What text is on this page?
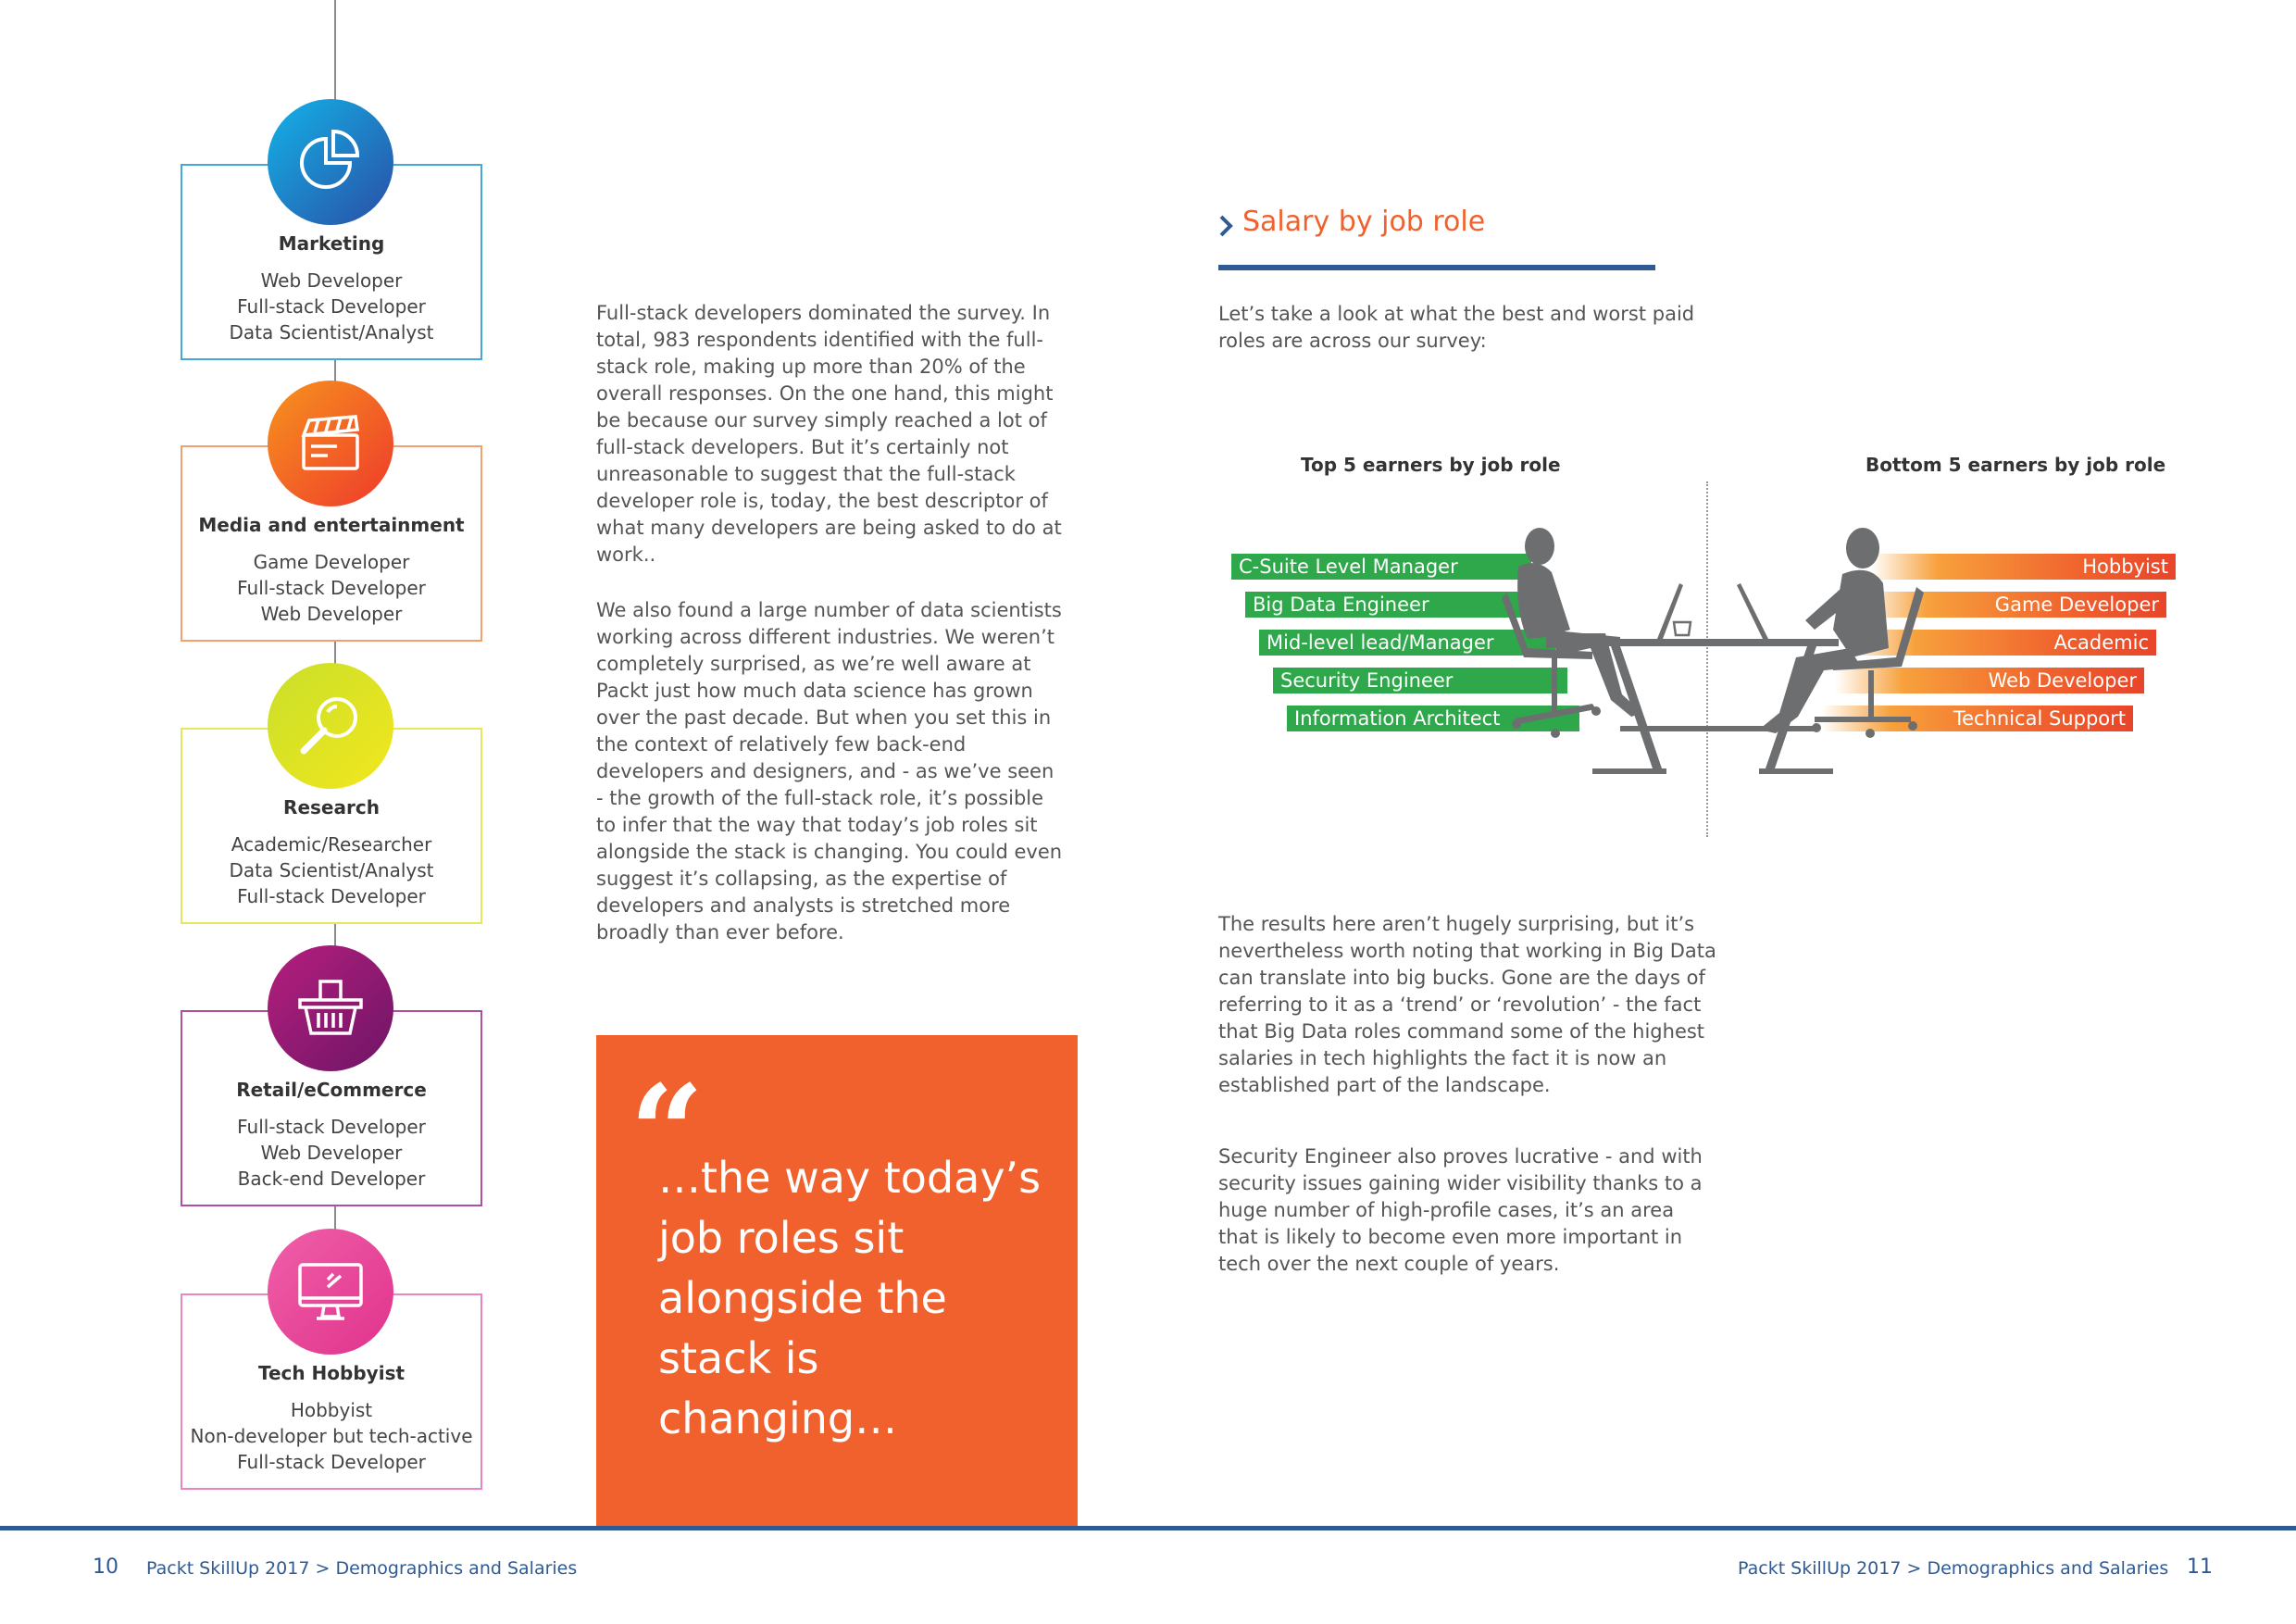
Marketing
Web Developer
Full-stack Developer
Data Scientist/Analyst
Media and entertainment
Game Developer
Full-stack Developer
Web Developer
Research
Academic/Researcher
Data Scientist/Analyst
Full-stack Developer
Retail/eCommerce
Full-stack Developer
Web Developer
Back-end Developer
Tech Hobbyist
Hobbyist
Non-developer but tech-active
Full-stack Developer
Full-stack developers dominated the survey. In total, 983 respondents identified with the full-stack role, making up more than 20% of the overall responses. On the one hand, this might be because our survey simply reached a lot of full-stack developers. But it’s certainly not unreasonable to suggest that the full-stack developer role is, today, the best descriptor of what many developers are being asked to do at work..
We also found a large number of data scientists working across different industries. We weren’t completely surprised, as we’re well aware at Packt just how much data science has grown over the past decade. But when you set this in the context of relatively few back-end developers and designers, and - as we’ve seen - the growth of the full-stack role, it’s possible to infer that the way that today’s job roles sit alongside the stack is changing. You could even suggest it’s collapsing, as the expertise of developers and analysts is stretched more broadly than ever before.
“
…the way today’s job roles sit alongside the stack is changing…
Salary by job role
Let’s take a look at what the best and worst paid roles are across our survey:
Top 5 earners by job role	Bottom 5 earners by job role
C-Suite Level Manager
Big Data Engineer
Mid-level lead/Manager
Security Engineer
Information Architect
Hobbyist
Game Developer
Academic
Web Developer
Technical Support
The results here aren’t hugely surprising, but it’s nevertheless worth noting that working in Big Data can translate into big bucks. Gone are the days of referring to it as a ‘trend’ or ‘revolution’ - the fact that Big Data roles command some of the highest salaries in tech highlights the fact it is now an established part of the landscape.
Security Engineer also proves lucrative - and with security issues gaining wider visibility thanks to a huge number of high-profile cases, it’s an area that is likely to become even more important in tech over the next couple of years.
10 Packt SkillUp 2017 > Demographics and Salaries	Packt SkillUp 2017 > Demographics and Salaries 11
